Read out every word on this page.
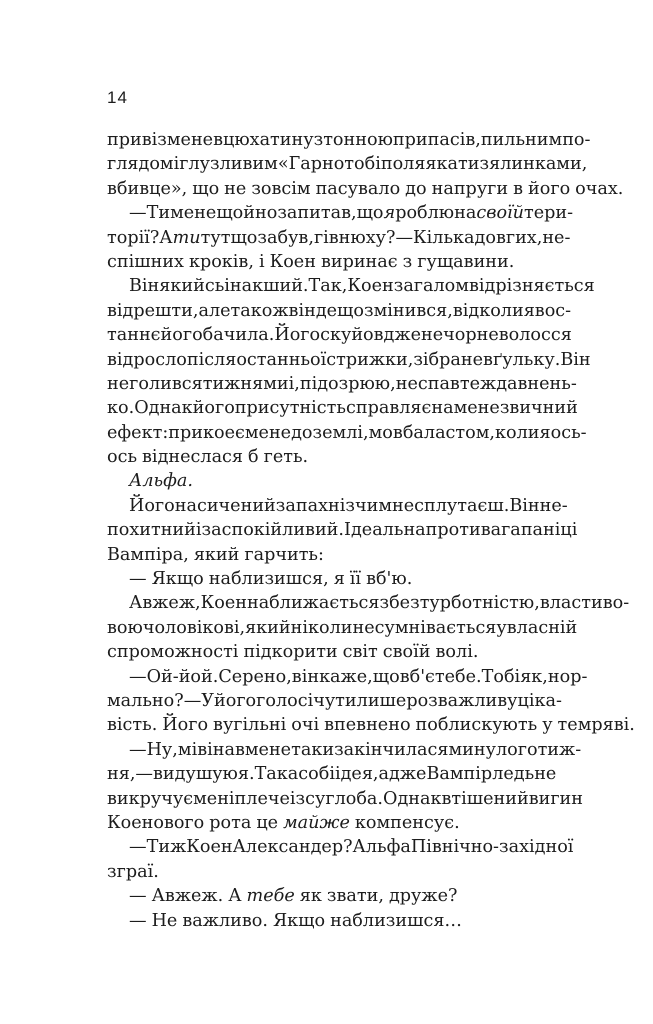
14
привіз мене в цю хатину з тонною припасів, пильним по-
глядом і глузливим «Гарно тобі поляякати з ялинками,
вбивце», що не зовсім пасувало до напруги в його очах.
— Ти мене щойно запитав, що я роблю на своїй тери-
торії? А ти тут що забув, гівнюху? — Кілька довгих, не-
спішних кроків, і Коен виринає з гущавини.
Він якийсь інакший. Так, Коен загалом відрізняється
від решти, але також він дещо змінився, відколи я вос-
таннє його бачила. Його скуйовджене чорне волосся
відросло після останньої стрижки, зібране в ґульку. Він
не голився тижнями і, підозрюю, не спав теж давнень-
ко. Однак його присутність справляє на мене звичний
ефект: прикоеє мене до землі, мов баластом, коли я ось-
ось віднеслася б геть.
Альфа.
Його насичений запах ні з чим не сплутаєш. Він не-
похитний і заспокійливий. Ідеальна противага паніці
Вампіра, який гарчить:
— Якщо наблизишся, я її вб'ю.
Авжеж, Коен наближається з безтурботністю, властиво-
вою чоловікові, який ніколи не сумнівається у власній
спроможності підкорити світ своїй волі.
— Ой-йой. Серено, він каже, що вб'є тебе. Тобі як, нор-
мально? — У його голосі чути лише розважливу ціка-
вість. Його вугільні очі впевнено поблискують у темряві.
— Ну, мівіна в мене таки закінчилася минулого тиж-
ня, — видушую я. Така собі ідея, адже Вампір ледь не
викручує мені плече із суглоба. Однак втішений вигин
Коенового рота це майже компенсує.
— Ти ж Коен Александер? Альфа Північно-західної
зграї.
— Авжеж. А тебе як звати, друже?
— Не важливо. Якщо наблизишся…
